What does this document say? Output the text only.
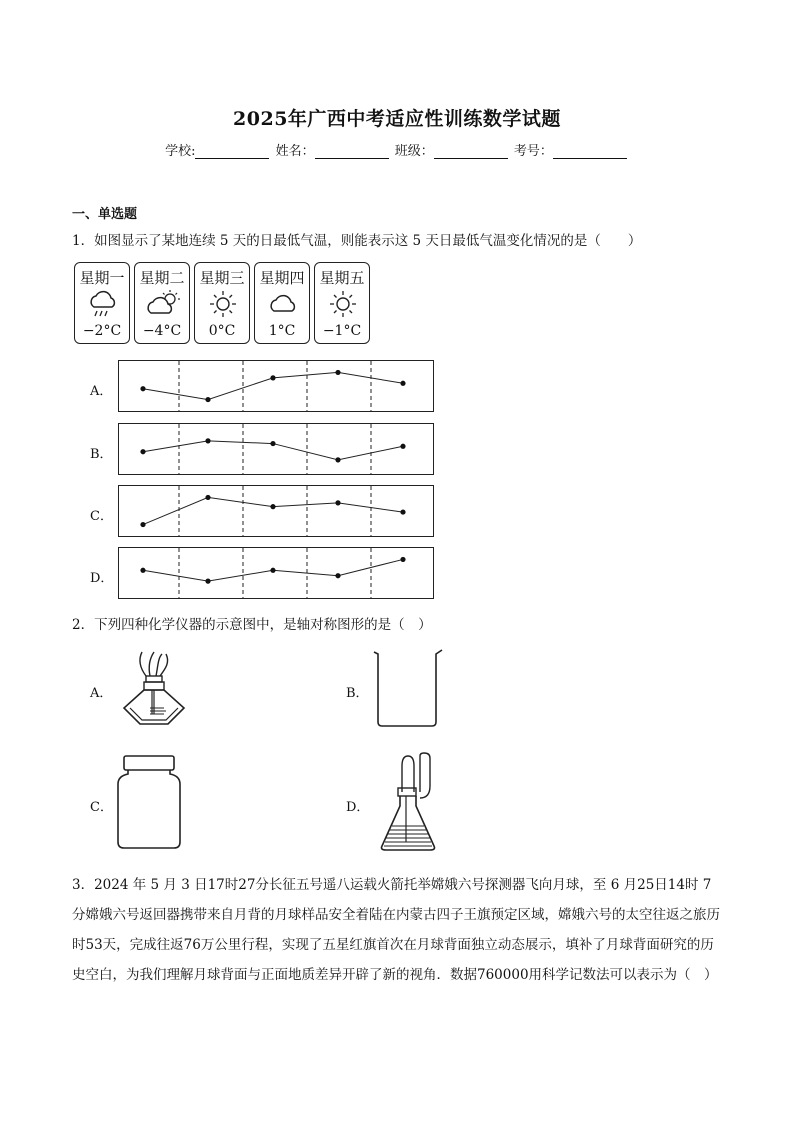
2025年广西中考适应性训练数学试题
学校:	姓名：	班级：	考号：
一、单选题
1．如图显示了某地连续 5 天的日最低气温，则能表示这 5 天日最低气温变化情况的是（　　）
星期一
−2°C
星期二
−4°C
星期三
0°C
星期四
1°C
星期五
−1°C
A．
B．
C．
D．
2．下列四种化学仪器的示意图中，是轴对称图形的是（　）
A．	B．
C．	D．
3．2024 年 5 月 3 日17时27分长征五号遥八运载火箭托举嫦娥六号探测器飞向月球，至 6 月25日14时 7 分嫦娥六号返回器携带来自月背的月球样品安全着陆在内蒙古四子王旗预定区域，嫦娥六号的太空往返之旅历时53天，完成往返76万公里行程，实现了五星红旗首次在月球背面独立动态展示，填补了月球背面研究的历史空白，为我们理解月球背面与正面地质差异开辟了新的视角．数据760000用科学记数法可以表示为（　）
